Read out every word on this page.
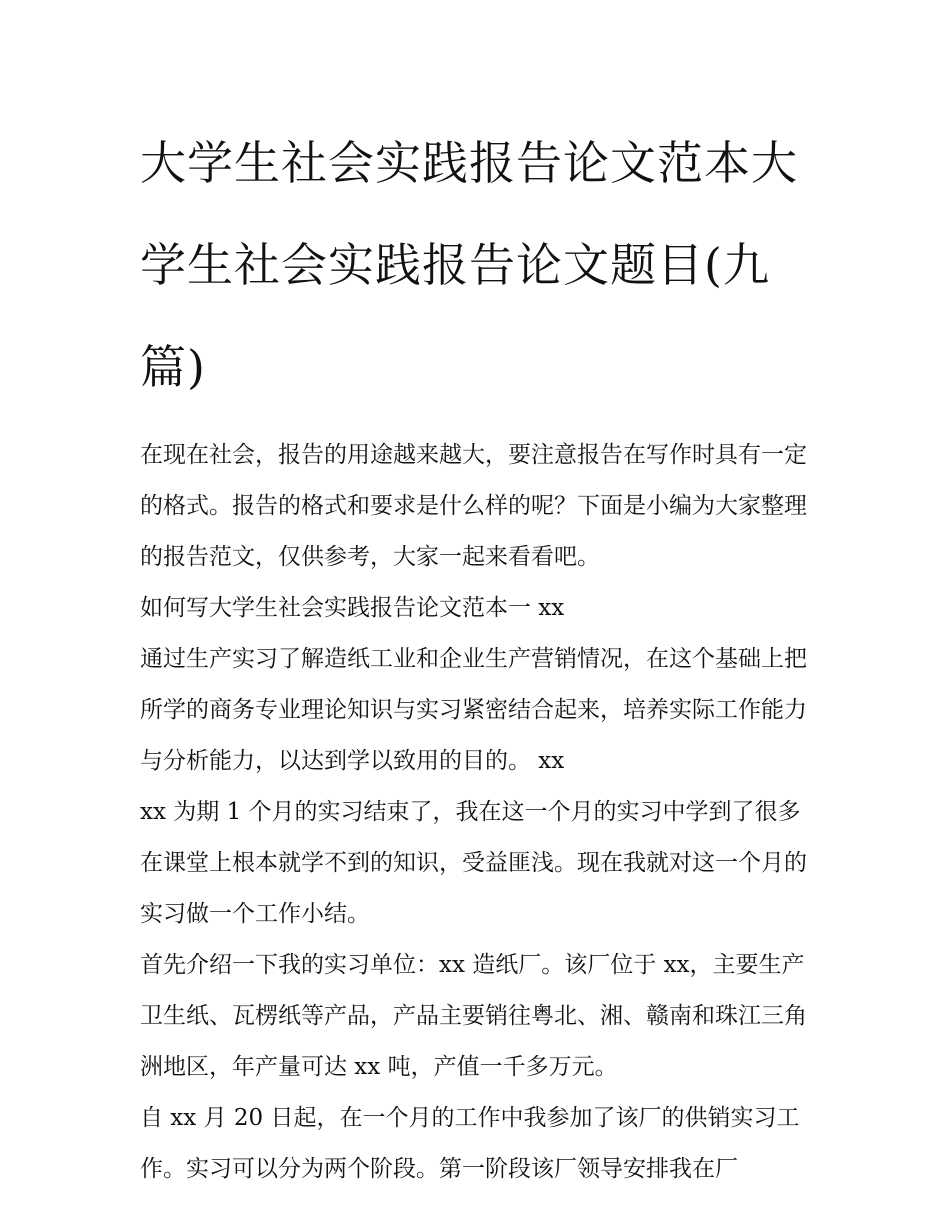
大学生社会实践报告论文范本大学生社会实践报告论文题目(九篇)

在现在社会，报告的用途越来越大，要注意报告在写作时具有一定的格式。报告的格式和要求是什么样的呢？下面是小编为大家整理的报告范文，仅供参考，大家一起来看看吧。

如何写大学生社会实践报告论文范本一 xx

通过生产实习了解造纸工业和企业生产营销情况，在这个基础上把所学的商务专业理论知识与实习紧密结合起来，培养实际工作能力与分析能力，以达到学以致用的目的。 xx

xx 为期 1 个月的实习结束了，我在这一个月的实习中学到了很多在课堂上根本就学不到的知识，受益匪浅。现在我就对这一个月的实习做一个工作小结。

首先介绍一下我的实习单位：xx 造纸厂。该厂位于 xx，主要生产卫生纸、瓦楞纸等产品，产品主要销往粤北、湘、赣南和珠江三角洲地区，年产量可达 xx 吨，产值一千多万元。

自 xx 月 20 日起，在一个月的工作中我参加了该厂的供销实习工作。实习可以分为两个阶段。第一阶段该厂领导安排我在厂
